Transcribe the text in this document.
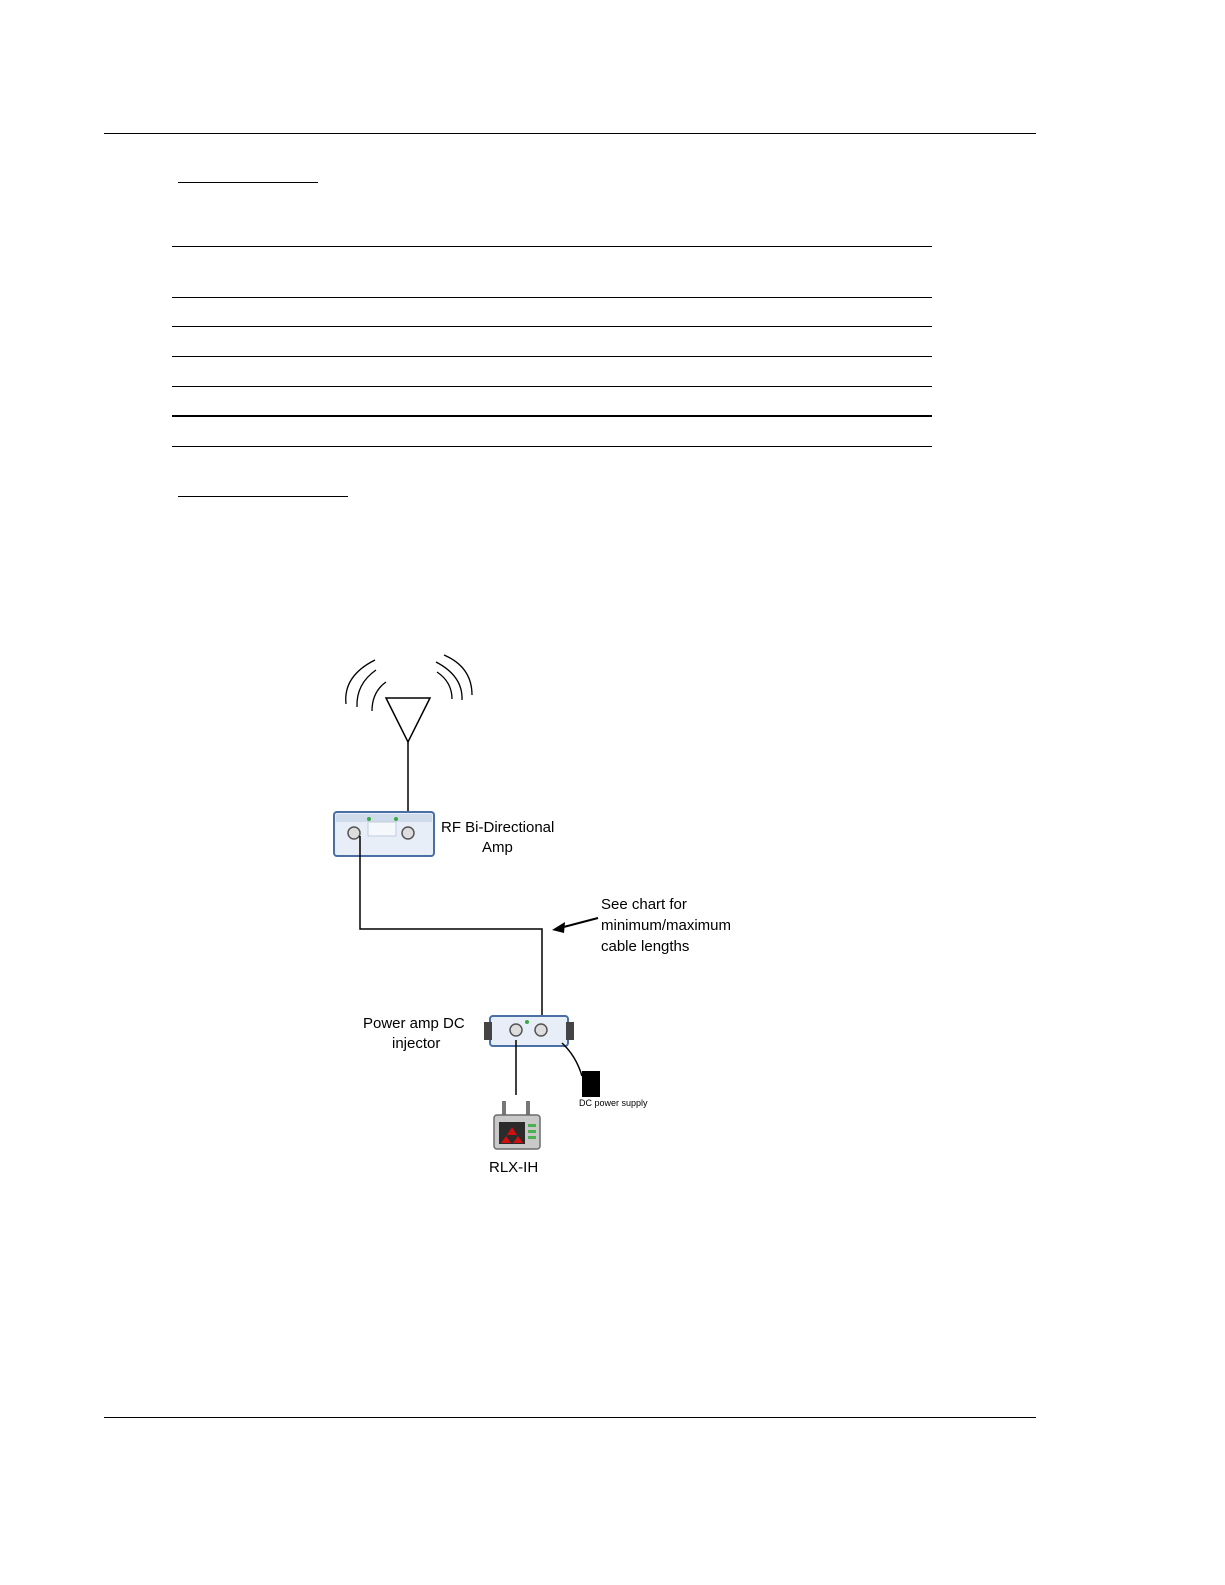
RF Bi-Directional Amp
See chart for minimum/maximum cable lengths
Power amp DC injector
DC power supply
RLX-IH
